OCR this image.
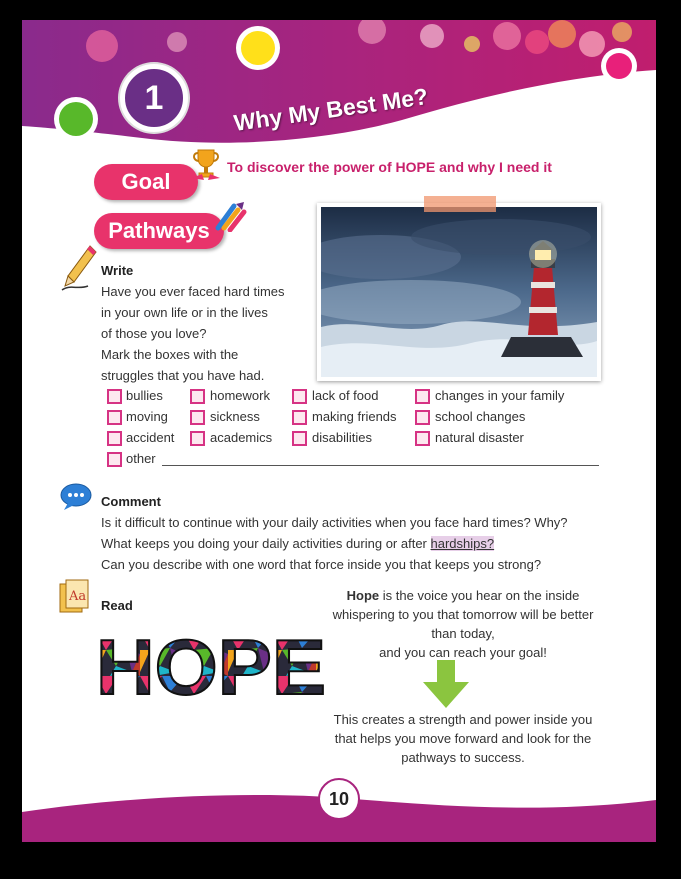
1	Why My Best Me?
Goal
To discover the power of HOPE and why I need it
Pathways
Write
Have you ever faced hard times
in your own life or in the lives
of those you love?
Mark the boxes with the
struggles that you have had.
bullies
moving
accident
homework
sickness
academics
lack of food
making friends
disabilities
changes in your family
school changes
natural disaster
other
Comment
Is it difficult to continue with your daily activities when you face hard times? Why?
What keeps you doing your daily activities during or after hardships?
Can you describe with one word that force inside you that keeps you strong?
Aa
Read
HOPE
Hope is the voice you hear on the inside
whispering to you that tomorrow will be better
than today,
and you can reach your goal!
This creates a strength and power inside you
that helps you move forward and look for the
pathways to success.
10
